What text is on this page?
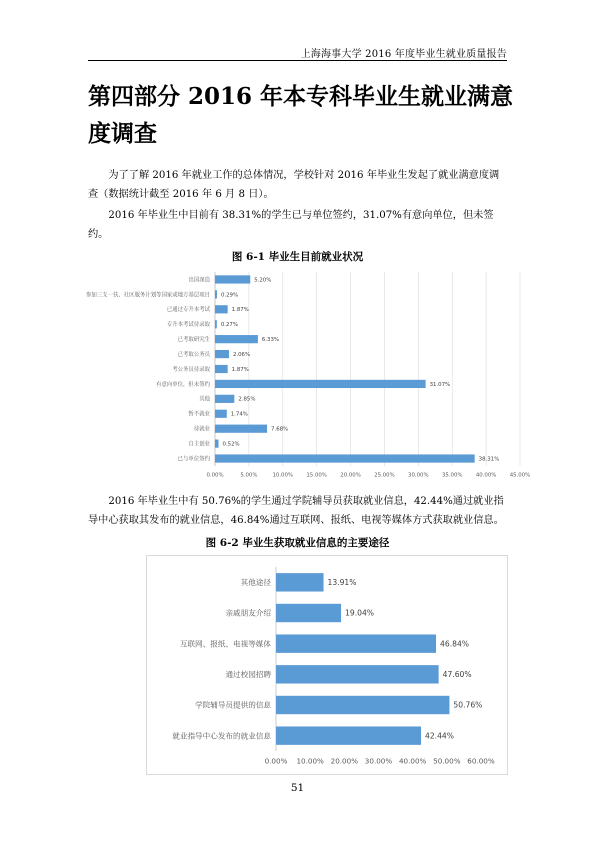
上海海事大学 2016 年度毕业生就业质量报告
第四部分 2016 年本专科毕业生就业满意度调查

为了了解 2016 年就业工作的总体情况，学校针对 2016 年毕业生发起了就业满意度调查（数据统计截至 2016 年 6 月 8 日）。

2016 年毕业生中目前有 38.31%的学生已与单位签约，31.07%有意向单位，但未签约。

图 6-1 毕业生目前就业状况
出国深造	5.20%
参加三支一扶、社区服务计划等国家或地方基层项目 0.29%
已通过专升本考试	1.87%
专升本考试待录取 0.27%
已考取研究生	6.33%
已考取公务员	2.06%
考公务员待录取	1.87%
有意向单位，但未签约	31.07%
其他	2.85%
暂不就业	1.74%
待就业	7.68%
自主创业 0.52%
已与单位签约	38.31%
0.00%	5.00%	10.00% 15.00% 20.00% 25.00% 30.00% 35.00% 40.00% 45.00%

2016 年毕业生中有 50.76%的学生通过学院辅导员获取就业信息，42.44%通过就业指导中心获取其发布的就业信息，46.84%通过互联网、报纸、电视等媒体方式获取就业信息。

图 6-2 毕业生获取就业信息的主要途径
其他途径	13.91%
亲戚朋友介绍	19.04%
互联网、报纸、电视等媒体	46.84%
通过校园招聘	47.60%
学院辅导员提供的信息	50.76%
就业指导中心发布的就业信息	42.44%
0.00% 10.00% 20.00% 30.00% 40.00% 50.00% 60.00%
51
